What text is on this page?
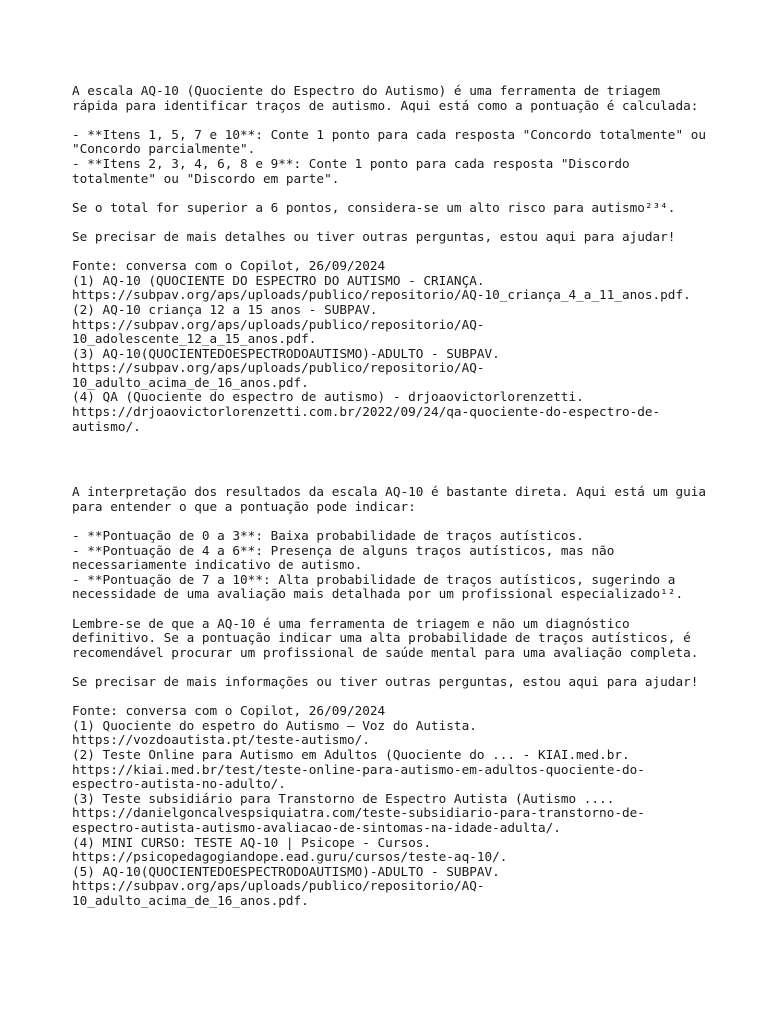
A escala AQ-10 (Quociente do Espectro do Autismo) é uma ferramenta de triagem
rápida para identificar traços de autismo. Aqui está como a pontuação é calculada:
- **Itens 1, 5, 7 e 10**: Conte 1 ponto para cada resposta "Concordo totalmente" ou
"Concordo parcialmente".
- **Itens 2, 3, 4, 6, 8 e 9**: Conte 1 ponto para cada resposta "Discordo
totalmente" ou "Discordo em parte".
Se o total for superior a 6 pontos, considera-se um alto risco para autismo²³⁴.
Se precisar de mais detalhes ou tiver outras perguntas, estou aqui para ajudar!
Fonte: conversa com o Copilot, 26/09/2024
(1) AQ-10 (QUOCIENTE DO ESPECTRO DO AUTISMO - CRIANÇA.
https://subpav.org/aps/uploads/publico/repositorio/AQ-10_criança_4_a_11_anos.pdf.
(2) AQ-10 criança 12 a 15 anos - SUBPAV.
https://subpav.org/aps/uploads/publico/repositorio/AQ-
10_adolescente_12_a_15_anos.pdf.
(3) AQ-10(QUOCIENTEDOESPECTRODOAUTISMO)-ADULTO - SUBPAV.
https://subpav.org/aps/uploads/publico/repositorio/AQ-
10_adulto_acima_de_16_anos.pdf.
(4) QA (Quociente do espectro de autismo) - drjoaovictorlorenzetti.
https://drjoaovictorlorenzetti.com.br/2022/09/24/qa-quociente-do-espectro-de-
autismo/.
A interpretação dos resultados da escala AQ-10 é bastante direta. Aqui está um guia
para entender o que a pontuação pode indicar:
- **Pontuação de 0 a 3**: Baixa probabilidade de traços autísticos.
- **Pontuação de 4 a 6**: Presença de alguns traços autísticos, mas não
necessariamente indicativo de autismo.
- **Pontuação de 7 a 10**: Alta probabilidade de traços autísticos, sugerindo a
necessidade de uma avaliação mais detalhada por um profissional especializado¹².
Lembre-se de que a AQ-10 é uma ferramenta de triagem e não um diagnóstico
definitivo. Se a pontuação indicar uma alta probabilidade de traços autísticos, é
recomendável procurar um profissional de saúde mental para uma avaliação completa.
Se precisar de mais informações ou tiver outras perguntas, estou aqui para ajudar!
Fonte: conversa com o Copilot, 26/09/2024
(1) Quociente do espetro do Autismo – Voz do Autista.
https://vozdoautista.pt/teste-autismo/.
(2) Teste Online para Autismo em Adultos (Quociente do ... - KIAI.med.br.
https://kiai.med.br/test/teste-online-para-autismo-em-adultos-quociente-do-
espectro-autista-no-adulto/.
(3) Teste subsidiário para Transtorno de Espectro Autista (Autismo ....
https://danielgoncalvespsiquiatra.com/teste-subsidiario-para-transtorno-de-
espectro-autista-autismo-avaliacao-de-sintomas-na-idade-adulta/.
(4) MINI CURSO: TESTE AQ-10 | Psicope - Cursos.
https://psicopedagogiandope.ead.guru/cursos/teste-aq-10/.
(5) AQ-10(QUOCIENTEDOESPECTRODOAUTISMO)-ADULTO - SUBPAV.
https://subpav.org/aps/uploads/publico/repositorio/AQ-
10_adulto_acima_de_16_anos.pdf.
